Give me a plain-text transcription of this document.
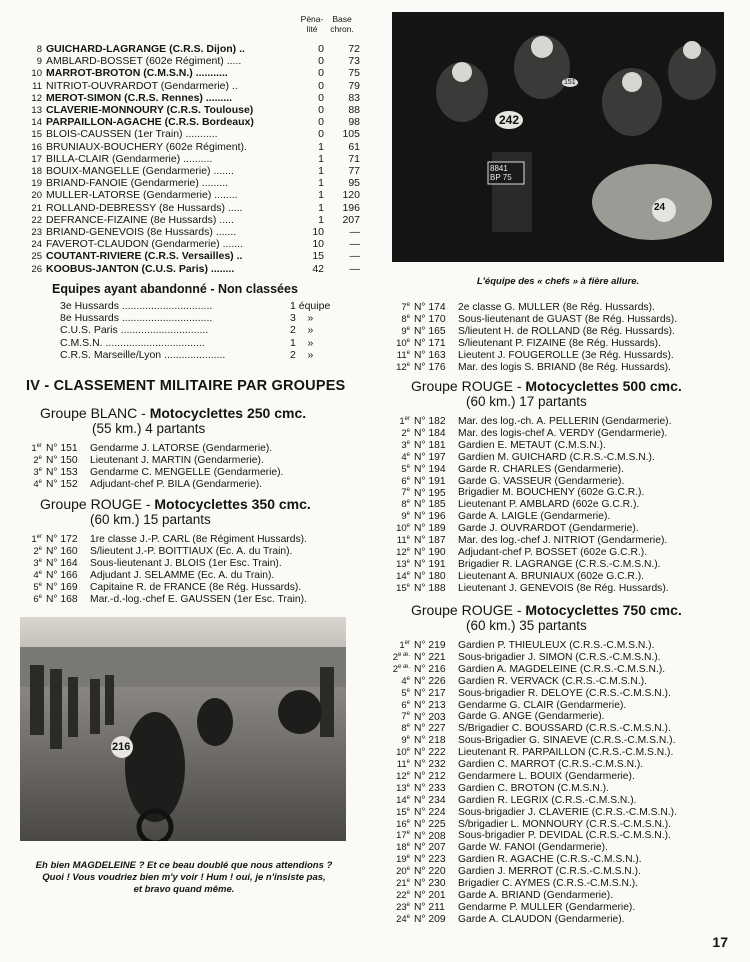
Péna-
lité
Base
chron.
8 GUICHARD-LAGRANGE (C.R.S. Dijon) ..	0	72
9 AMBLARD-BOSSET (602e Régiment) .....	0	73
10 MARROT-BROTON (C.M.S.N.) ...........	0	75
11 NITRIOT-OUVRARDOT (Gendarmerie) ..	0	79
12 MEROT-SIMON (C.R.S. Rennes) .........	0	83
13 CLAVERIE-MONNOURY (C.R.S. Toulouse)	0	88
14 PARPAILLON-AGACHE (C.R.S. Bordeaux)	0	98
15 BLOIS-CAUSSEN (1er Train) ...........	0	105
16 BRUNIAUX-BOUCHERY (602e Régiment).	1	61
17 BILLA-CLAIR (Gendarmerie) ..........	1	71
18 BOUIX-MANGELLE (Gendarmerie) .......	1	77
19 BRIAND-FANOIE (Gendarmerie) .........	1	95
20 MULLER-LATORSE (Gendarmerie) ........	1	120
21 ROLLAND-DEBRESSY (8e Hussards) .....	1	196
22 DEFRANCE-FIZAINE (8e Hussards) .....	1	207
23 BRIAND-GENEVOIS (8e Hussards) .......	10	—
24 FAVEROT-CLAUDON (Gendarmerie) .......	10	—
25 COUTANT-RIVIERE (C.R.S. Versailles) ..	15	—
26 KOOBUS-JANTON (C.U.S. Paris) ........	42	—
Equipes ayant abandonné - Non classées
3e Hussards ...............................	1 équipe
8e Hussards ...............................	3    »
C.U.S. Paris ..............................	2    »
C.M.S.N. ..................................	1    »
C.R.S. Marseille/Lyon .....................	2    »
IV - CLASSEMENT MILITAIRE PAR GROUPES
Groupe BLANC - Motocyclettes 250 cmc.
(55 km.) 4 partants
1er N° 151 Gendarme J. LATORSE (Gendarmerie).
2e N° 150 Lieutenant J. MARTIN (Gendarmerie).
3e N° 153 Gendarme C. MENGELLE (Gendarmerie).
4e N° 152 Adjudant-chef P. BILA (Gendarmerie).
Groupe ROUGE - Motocyclettes 350 cmc.
(60 km.) 15 partants
1er N° 172 1re classe J.-P. CARL (8e Régiment Hussards).
2e N° 160 S/lieutent J.-P. BOITTIAUX (Ec. A. du Train).
3e N° 164 Sous-lieutenant J. BLOIS (1er Esc. Train).
4e N° 166 Adjudant J. SELAMME (Ec. A. du Train).
5e N° 169 Capitaine R. de FRANCE (8e Rég. Hussards).
6e N° 168 Mar.-d.-log.-chef E. GAUSSEN (1er Esc. Train).
216
Eh bien MAGDELEINE ? Et ce beau doublé que nous attendions ?
Quoi ! Vous voudriez bien m'y voir ! Hum ! oui, je n'insiste pas,
et bravo quand même.
242
8841
BP 75
151
24
L'équipe des « chefs » à fière allure.
7e N° 174 2e classe G. MULLER (8e Rég. Hussards).
8e N° 170 Sous-lieutenant de GUAST (8e Rég. Hussards).
9e N° 165 S/lieutent H. de ROLLAND (8e Rég. Hussards).
10e N° 171 S/lieutenant P. FIZAINE (8e Rég. Hussards).
11e N° 163 Lieutent J. FOUGEROLLE (3e Rég. Hussards).
12e N° 176 Mar. des logis S. BRIAND (8e Rég. Hussards).
Groupe ROUGE - Motocyclettes 500 cmc.
(60 km.) 17 partants
1er N° 182 Mar. des log.-ch. A. PELLERIN (Gendarmerie).
2e N° 184 Mar. des logis-chef A. VERDY (Gendarmerie).
3e N° 181 Gardien E. METAUT (C.M.S.N.).
4e N° 197 Gardien M. GUICHARD (C.R.S.-C.M.S.N.).
5e N° 194 Garde R. CHARLES (Gendarmerie).
6e N° 191 Garde G. VASSEUR (Gendarmerie).
7e N° 195 Brigadier M. BOUCHENY (602e G.C.R.).
8e N° 185 Lieutenant P. AMBLARD (602e G.C.R.).
9e N° 196 Garde A. LAIGLE (Gendarmerie).
10e N° 189 Garde J. OUVRARDOT (Gendarmerie).
11e N° 187 Mar. des log.-chef J. NITRIOT (Gendarmerie).
12e N° 190 Adjudant-chef P. BOSSET (602e G.C.R.).
13e N° 191 Brigadier R. LAGRANGE (C.R.S.-C.M.S.N.).
14e N° 180 Lieutenant A. BRUNIAUX (602e G.C.R.).
15e N° 188 Lieutenant J. GENEVOIS (8e Rég. Hussards).
Groupe ROUGE - Motocyclettes 750 cmc.
(60 km.) 35 partants
1er N° 219 Gardien P. THIEULEUX (C.R.S.-C.M.S.N.).
$2^{e æ.}$ N° 221 Sous-brigadier J. SIMON (C.R.S.-C.M.S.N.).
$2^{e æ.}$ N° 216 Gardien A. MAGDELEINE (C.R.S.-C.M.S.N.).
4e N° 226 Gardien R. VERVACK (C.R.S.-C.M.S.N.).
5e N° 217 Sous-brigadier R. DELOYE (C.R.S.-C.M.S.N.).
6e N° 213 Gendarme G. CLAIR (Gendarmerie).
7e N° 203 Garde G. ANGE (Gendarmerie).
8e N° 227 S/Brigadier C. BOUSSARD (C.R.S.-C.M.S.N.).
9e N° 218 Sous-Brigadier G. SINAEVE (C.R.S.-C.M.S.N.).
10e N° 222 Lieutenant R. PARPAILLON (C.R.S.-C.M.S.N.).
11e N° 232 Gardien C. MARROT (C.R.S.-C.M.S.N.).
12e N° 212 Gendarmere L. BOUIX (Gendarmerie).
13e N° 233 Gardien C. BROTON (C.M.S.N.).
14e N° 234 Gardien R. LEGRIX (C.R.S.-C.M.S.N.).
15e N° 224 Sous-brigadier J. CLAVERIE (C.R.S.-C.M.S.N.).
16e N° 225 S/brigadier L. MONNOURY (C.R.S.-C.M.S.N.).
17e N° 208 Sous-brigadier P. DEVIDAL (C.R.S.-C.M.S.N.).
18e N° 207 Garde W. FANOI (Gendarmerie).
19e N° 223 Gardien R. AGACHE (C.R.S.-C.M.S.N.).
20e N° 220 Gardien J. MERROT (C.R.S.-C.M.S.N.).
21e N° 230 Brigadier C. AYMES (C.R.S.-C.M.S.N.).
22e N° 201 Garde A. BRIAND (Gendarmerie).
23e N° 211 Gendarme P. MULLER (Gendarmerie).
24e N° 209 Garde A. CLAUDON (Gendarmerie).
17
